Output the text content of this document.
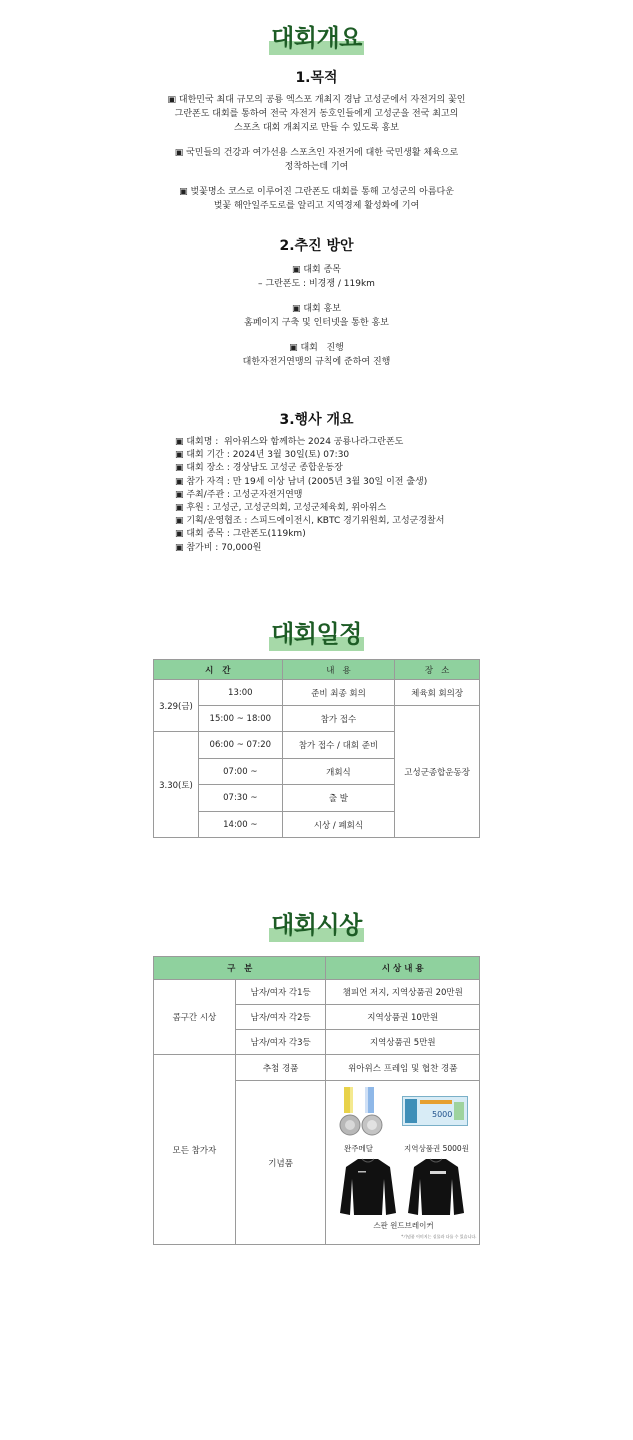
대회개요
1.목적
▣ 대한민국 최대 규모의 공룡 엑스포 개최지 경남 고성군에서 자전거의 꽃인
그란폰도 대회를 통하여 전국 자전거 동호인들에게 고성군을 전국 최고의
스포츠 대회 개최지로 만들 수 있도록 홍보
▣ 국민들의 건강과 여가선용 스포츠인 자전거에 대한 국민생활 체육으로
정착하는데 기여
▣ 벚꽃명소 코스로 이루어진 그란폰도 대회를 통해 고성군의 아름다운
벚꽃 해안일주도로를 알리고 지역경제 활성화에 기여
2.추진 방안
▣ 대회 종목
– 그란폰도 : 비경쟁 / 119km
▣ 대회 홍보
홈페이지 구축 및 인터넷을 통한 홍보
▣ 대회   진행
대한자전거연맹의 규칙에 준하여 진행
3.행사 개요
▣ 대회명 :  위아위스와 함께하는 2024 공룡나라그란폰도
▣ 대회 기간 : 2024년 3월 30일(토) 07:30
▣ 대회 장소 : 경상남도 고성군 종합운동장
▣ 참가 자격 : 만 19세 이상 남녀 (2005년 3월 30일 이전 출생)
▣ 주최/주관 : 고성군자전거연맹
▣ 후원 : 고성군, 고성군의회, 고성군체육회, 위아위스
▣ 기획/운영협조 : 스피드에이전시, KBTC 경기위원회, 고성군경찰서
▣ 대회 종목 : 그란폰도(119km)
▣ 참가비 : 70,000원
대회일정
시   간		내   용	장   소
3.29(금)	13:00	준비 최종 회의	체육회 회의장
	15:00 ~ 18:00	참가 접수	고성군종합운동장
3.30(토)	06:00 ~ 07:20	참가 접수 / 대회 준비	
	07:00 ~	개회식	
	07:30 ~	출 발	
	14:00 ~	시상 / 폐회식	
대회시상
구   분		시 상 내 용
콤구간 시상	남자/여자 각1등	챔피언 저지, 지역상품권 20만원
	남자/여자 각2등	지역상품권 10만원
	남자/여자 각3등	지역상품권 5만원
모든 참가자	추첨 경품	위아위스 프레임 및 협찬 경품
	기념품	5000
완주메달 지역상품권 5000원
스판 윈드브레이커
*기념품 이미지는 실물과 다를 수 있습니다.
